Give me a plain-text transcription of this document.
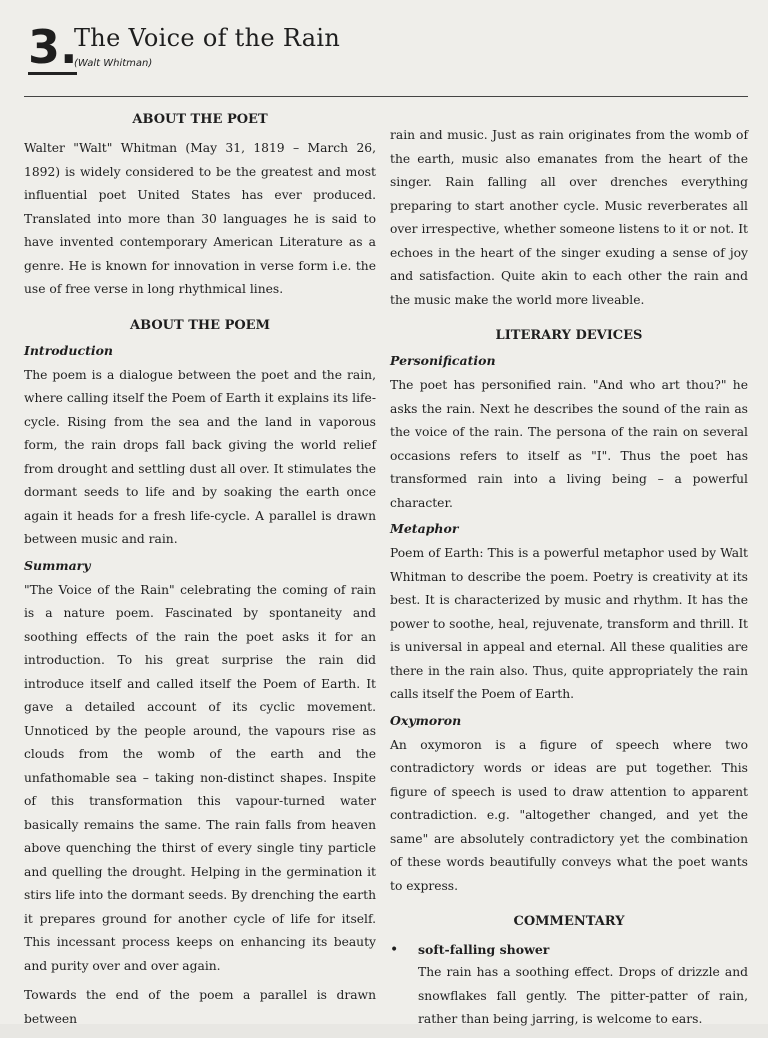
3.
The Voice of the Rain
(Walt Whitman)
ABOUT THE POET

Walter "Walt" Whitman (May 31, 1819 – March 26, 1892) is widely considered to be the greatest and most influential poet United States has ever produced. Translated into more than 30 languages he is said to have invented contemporary American Literature as a genre. He is known for innovation in verse form i.e. the use of free verse in long rhythmical lines.

ABOUT THE POEM
Introduction

The poem is a dialogue between the poet and the rain, where calling itself the Poem of Earth it explains its life-cycle. Rising from the sea and the land in vaporous form, the rain drops fall back giving the world relief from drought and settling dust all over. It stimulates the dormant seeds to life and by soaking the earth once again it heads for a fresh life-cycle. A parallel is drawn between music and rain.

Summary

"The Voice of the Rain" celebrating the coming of rain is a nature poem. Fascinated by spontaneity and soothing effects of the rain the poet asks it for an introduction. To his great surprise the rain did introduce itself and called itself the Poem of Earth. It gave a detailed account of its cyclic movement. Unnoticed by the people around, the vapours rise as clouds from the womb of the earth and the unfathomable sea – taking non-distinct shapes. Inspite of this transformation this vapour-turned water basically remains the same. The rain falls from heaven above quenching the thirst of every single tiny particle and quelling the drought. Helping in the germination it stirs life into the dormant seeds. By drenching the earth it prepares ground for another cycle of life for itself. This incessant process keeps on enhancing its beauty and purity over and over again.

Towards the end of the poem a parallel is drawn between

rain and music. Just as rain originates from the womb of the earth, music also emanates from the heart of the singer. Rain falling all over drenches everything preparing to start another cycle. Music reverberates all over irrespective, whether someone listens to it or not. It echoes in the heart of the singer exuding a sense of joy and satisfaction. Quite akin to each other the rain and the music make the world more liveable.

LITERARY DEVICES
Personification

The poet has personified rain. "And who art thou?" he asks the rain. Next he describes the sound of the rain as the voice of the rain. The persona of the rain on several occasions refers to itself as "I". Thus the poet has transformed rain into a living being – a powerful character.

Metaphor

Poem of Earth: This is a powerful metaphor used by Walt Whitman to describe the poem. Poetry is creativity at its best. It is characterized by music and rhythm. It has the power to soothe, heal, rejuvenate, transform and thrill. It is universal in appeal and eternal. All these qualities are there in the rain also. Thus, quite appropriately the rain calls itself the Poem of Earth.

Oxymoron

An oxymoron is a figure of speech where two contradictory words or ideas are put together. This figure of speech is used to draw attention to apparent contradiction. e.g. "altogether changed, and yet the same" are absolutely contradictory yet the combination of these words beautifully conveys what the poet wants to express.

COMMENTARY
•	soft-falling shower

The rain has a soothing effect. Drops of drizzle and snowflakes fall gently. The pitter-patter of rain, rather than being jarring, is welcome to ears.
